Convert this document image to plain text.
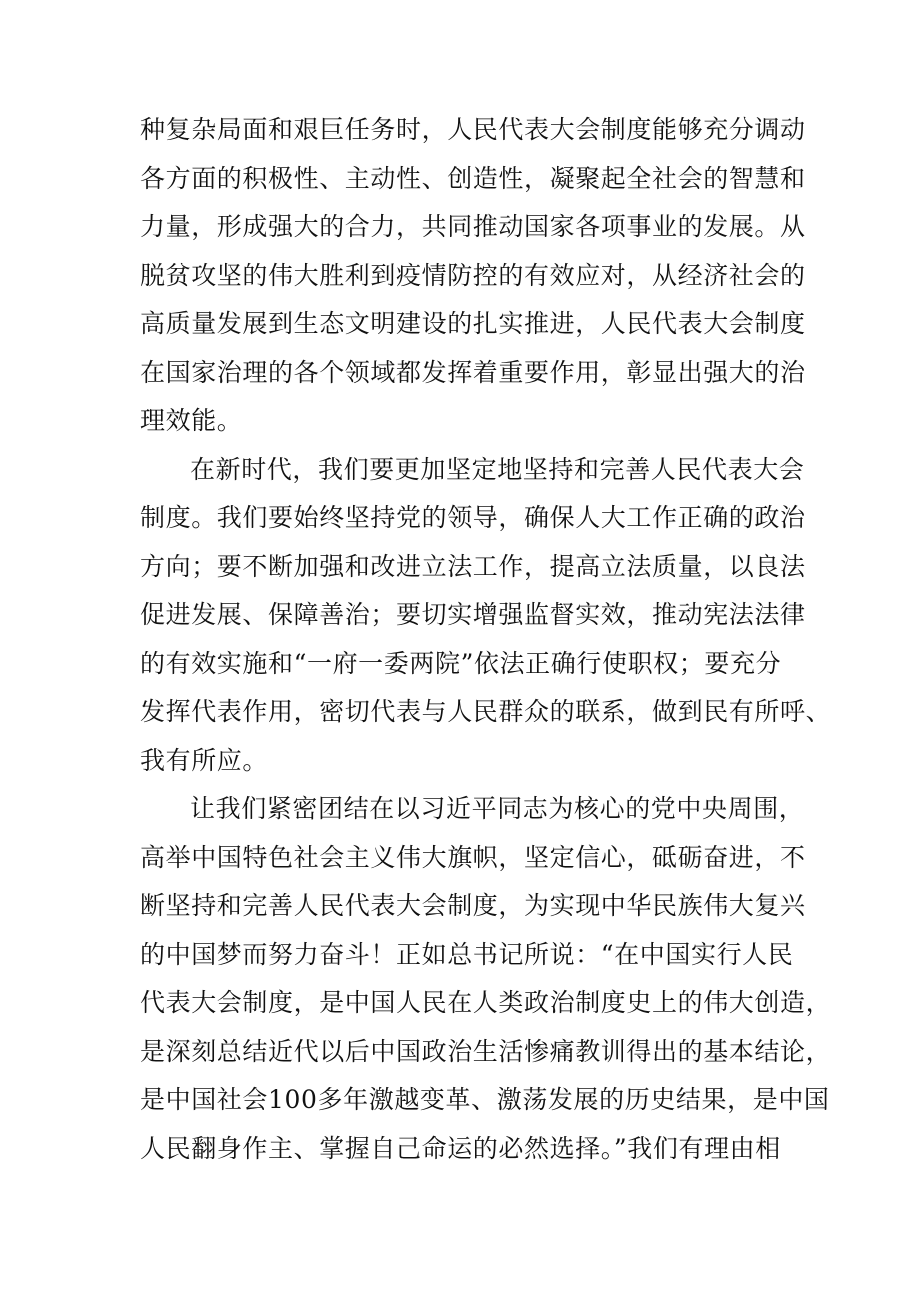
种复杂局面和艰巨任务时，人民代表大会制度能够充分调动
各方面的积极性、主动性、创造性，凝聚起全社会的智慧和
力量，形成强大的合力，共同推动国家各项事业的发展。从
脱贫攻坚的伟大胜利到疫情防控的有效应对，从经济社会的
高质量发展到生态文明建设的扎实推进，人民代表大会制度
在国家治理的各个领域都发挥着重要作用，彰显出强大的治
理效能。
在新时代，我们要更加坚定地坚持和完善人民代表大会
制度。我们要始终坚持党的领导，确保人大工作正确的政治
方向；要不断加强和改进立法工作，提高立法质量，以良法
促进发展、保障善治；要切实增强监督实效，推动宪法法律
的有效实施和“一府一委两院”依法正确行使职权；要充分
发挥代表作用，密切代表与人民群众的联系，做到民有所呼、
我有所应。
让我们紧密团结在以习近平同志为核心的党中央周围，
高举中国特色社会主义伟大旗帜，坚定信心，砥砺奋进，不
断坚持和完善人民代表大会制度，为实现中华民族伟大复兴
的中国梦而努力奋斗！正如总书记所说：“在中国实行人民
代表大会制度，是中国人民在人类政治制度史上的伟大创造，
是深刻总结近代以后中国政治生活惨痛教训得出的基本结论，
是中国社会100多年激越变革、激荡发展的历史结果，是中国
人民翻身作主、掌握自己命运的必然选择。”我们有理由相
